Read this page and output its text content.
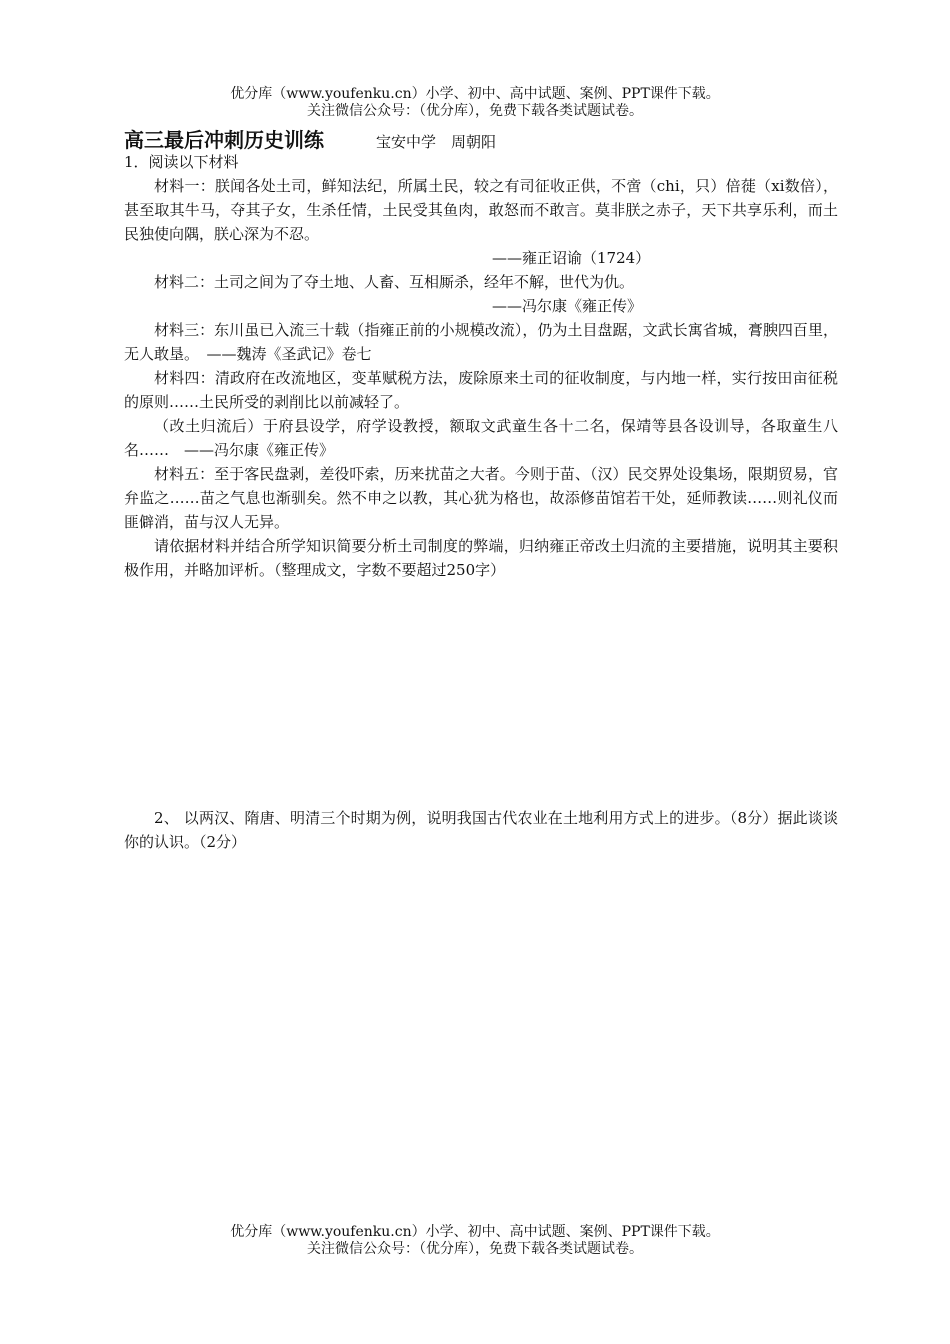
优分库（www.youfenku.cn）小学、初中、高中试题、案例、PPT课件下载。
关注微信公众号：（优分库），免费下载各类试题试卷。
高三最后冲刺历史训练	宝安中学　周朝阳

1．阅读以下材料

材料一：朕闻各处土司，鲜知法纪，所属土民，较之有司征收正供，不啻（chi，只）倍蓰（xi数倍），甚至取其牛马，夺其子女，生杀任情，土民受其鱼肉，敢怒而不敢言。莫非朕之赤子，天下共享乐利，而土民独使向隅，朕心深为不忍。

——雍正诏谕（1724）

材料二：土司之间为了夺土地、人畜、互相厮杀，经年不解，世代为仇。

——冯尔康《雍正传》

材料三：东川虽已入流三十载（指雍正前的小规模改流），仍为土目盘踞，文武长寓省城，膏腴四百里，无人敢垦。　——魏涛《圣武记》卷七

材料四：清政府在改流地区，变革赋税方法，废除原来土司的征收制度，与内地一样，实行按田亩征税的原则……土民所受的剥削比以前减轻了。

（改土归流后）于府县设学，府学设教授，额取文武童生各十二名，保靖等县各设训导，各取童生八名……　——冯尔康《雍正传》

材料五：至于客民盘剥，差役吓索，历来扰苗之大者。今则于苗、（汉）民交界处设集场，限期贸易，官弁监之……苗之气息也渐驯矣。然不申之以教，其心犹为格也，故添修苗馆若干处，延师教读……则礼仪而匪僻消，苗与汉人无异。

请依据材料并结合所学知识简要分析土司制度的弊端，归纳雍正帝改土归流的主要措施，说明其主要积极作用，并略加评析。（整理成文，字数不要超过250字）

2、 以两汉、隋唐、明清三个时期为例，说明我国古代农业在土地利用方式上的进步。（8分）据此谈谈你的认识。（2分）

优分库（www.youfenku.cn）小学、初中、高中试题、案例、PPT课件下载。
关注微信公众号：（优分库），免费下载各类试题试卷。
